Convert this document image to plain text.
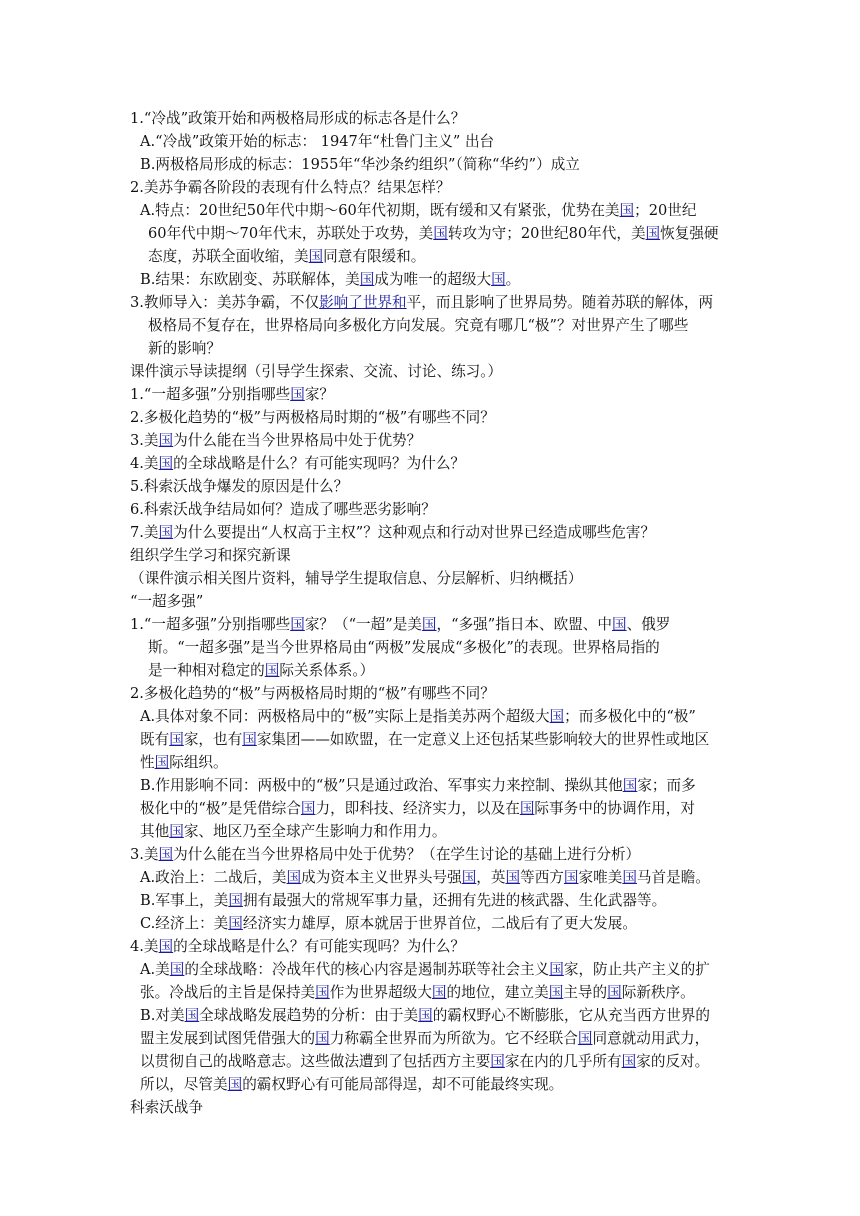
1.“冷战”政策开始和两极格局形成的标志各是什么？
A.“冷战”政策开始的标志： 1947年“杜鲁门主义” 出台
B.两极格局形成的标志：1955年“华沙条约组织”（简称“华约”）成立
2.美苏争霸各阶段的表现有什么特点？结果怎样？
A.特点：20世纪50年代中期～60年代初期，既有缓和又有紧张，优势在美国；20世纪
60年代中期～70年代末，苏联处于攻势，美国转攻为守；20世纪80年代，美国恢复强硬
态度，苏联全面收缩，美国同意有限缓和。
B.结果：东欧剧变、苏联解体，美国成为唯一的超级大国。
3.教师导入：美苏争霸，不仅影响了世界和平，而且影响了世界局势。随着苏联的解体，两
极格局不复存在，世界格局向多极化方向发展。究竟有哪几“极”？对世界产生了哪些
新的影响？
课件演示导读提纲（引导学生探索、交流、讨论、练习。）
1.“一超多强”分别指哪些国家？
2.多极化趋势的“极”与两极格局时期的“极”有哪些不同？
3.美国为什么能在当今世界格局中处于优势？
4.美国的全球战略是什么？有可能实现吗？为什么？
5.科索沃战争爆发的原因是什么？
6.科索沃战争结局如何？造成了哪些恶劣影响？
7.美国为什么要提出“人权高于主权”？这种观点和行动对世界已经造成哪些危害？
组织学生学习和探究新课
（课件演示相关图片资料，辅导学生提取信息、分层解析、归纳概括）
“一超多强”
1.“一超多强”分别指哪些国家？（“一超”是美国，“多强”指日本、欧盟、中国、俄罗
斯。“一超多强”是当今世界格局由“两极”发展成“多极化”的表现。世界格局指的
是一种相对稳定的国际关系体系。）
2.多极化趋势的“极”与两极格局时期的“极”有哪些不同？
A.具体对象不同：两极格局中的“极”实际上是指美苏两个超级大国；而多极化中的“极”
既有国家，也有国家集团——如欧盟，在一定意义上还包括某些影响较大的世界性或地区
性国际组织。
B.作用影响不同：两极中的“极”只是通过政治、军事实力来控制、操纵其他国家；而多
极化中的“极”是凭借综合国力，即科技、经济实力，以及在国际事务中的协调作用，对
其他国家、地区乃至全球产生影响力和作用力。
3.美国为什么能在当今世界格局中处于优势？（在学生讨论的基础上进行分析）
A.政治上：二战后，美国成为资本主义世界头号强国，英国等西方国家唯美国马首是瞻。
B.军事上，美国拥有最强大的常规军事力量，还拥有先进的核武器、生化武器等。
C.经济上：美国经济实力雄厚，原本就居于世界首位，二战后有了更大发展。
4.美国的全球战略是什么？有可能实现吗？为什么？
A.美国的全球战略：冷战年代的核心内容是遏制苏联等社会主义国家，防止共产主义的扩
张。冷战后的主旨是保持美国作为世界超级大国的地位，建立美国主导的国际新秩序。
B.对美国全球战略发展趋势的分析：由于美国的霸权野心不断膨胀，它从充当西方世界的
盟主发展到试图凭借强大的国力称霸全世界而为所欲为。它不经联合国同意就动用武力，
以贯彻自己的战略意志。这些做法遭到了包括西方主要国家在内的几乎所有国家的反对。
所以，尽管美国的霸权野心有可能局部得逞，却不可能最终实现。
科索沃战争
